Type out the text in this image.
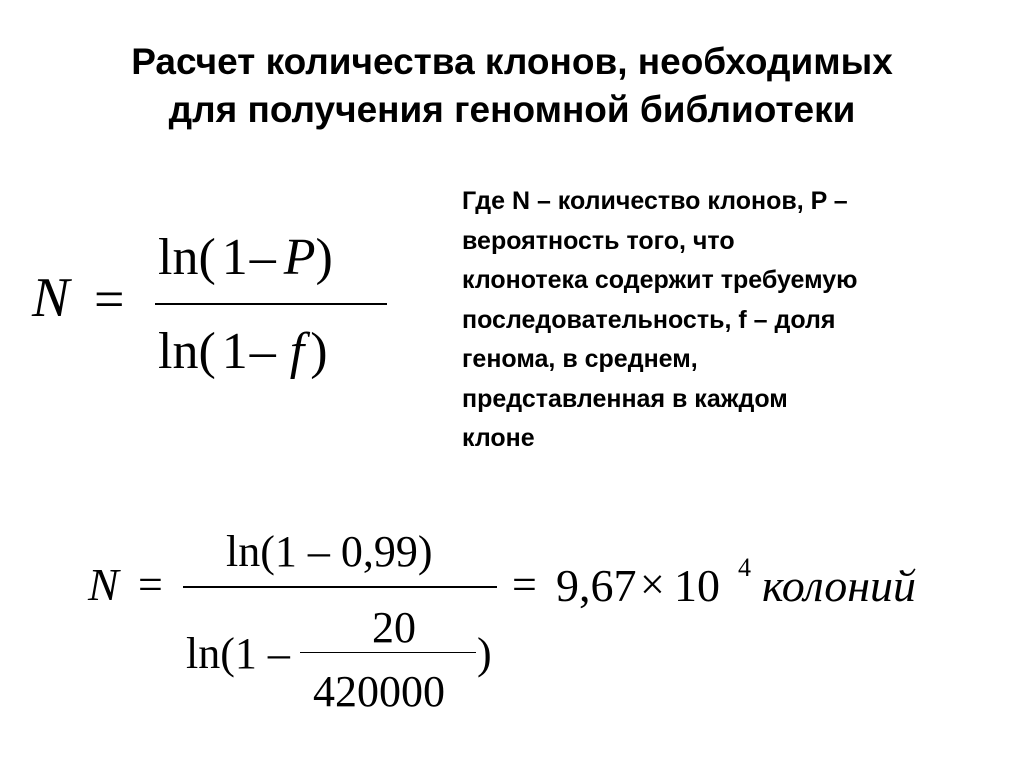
Расчет количества клонов, необходимых
для получения геномной библиотеки
N =
ln( 1– P)
ln( 1– f )
Где N – количество клонов, P –
вероятность того, что
клонотека содержит требуемую
последовательность, f – доля
генома, в среднем,
представленная в каждом
клоне
N =
ln(1 – 0,99)
ln(1 –
20
420000
)
= 9,67 × 10 4 колоний
